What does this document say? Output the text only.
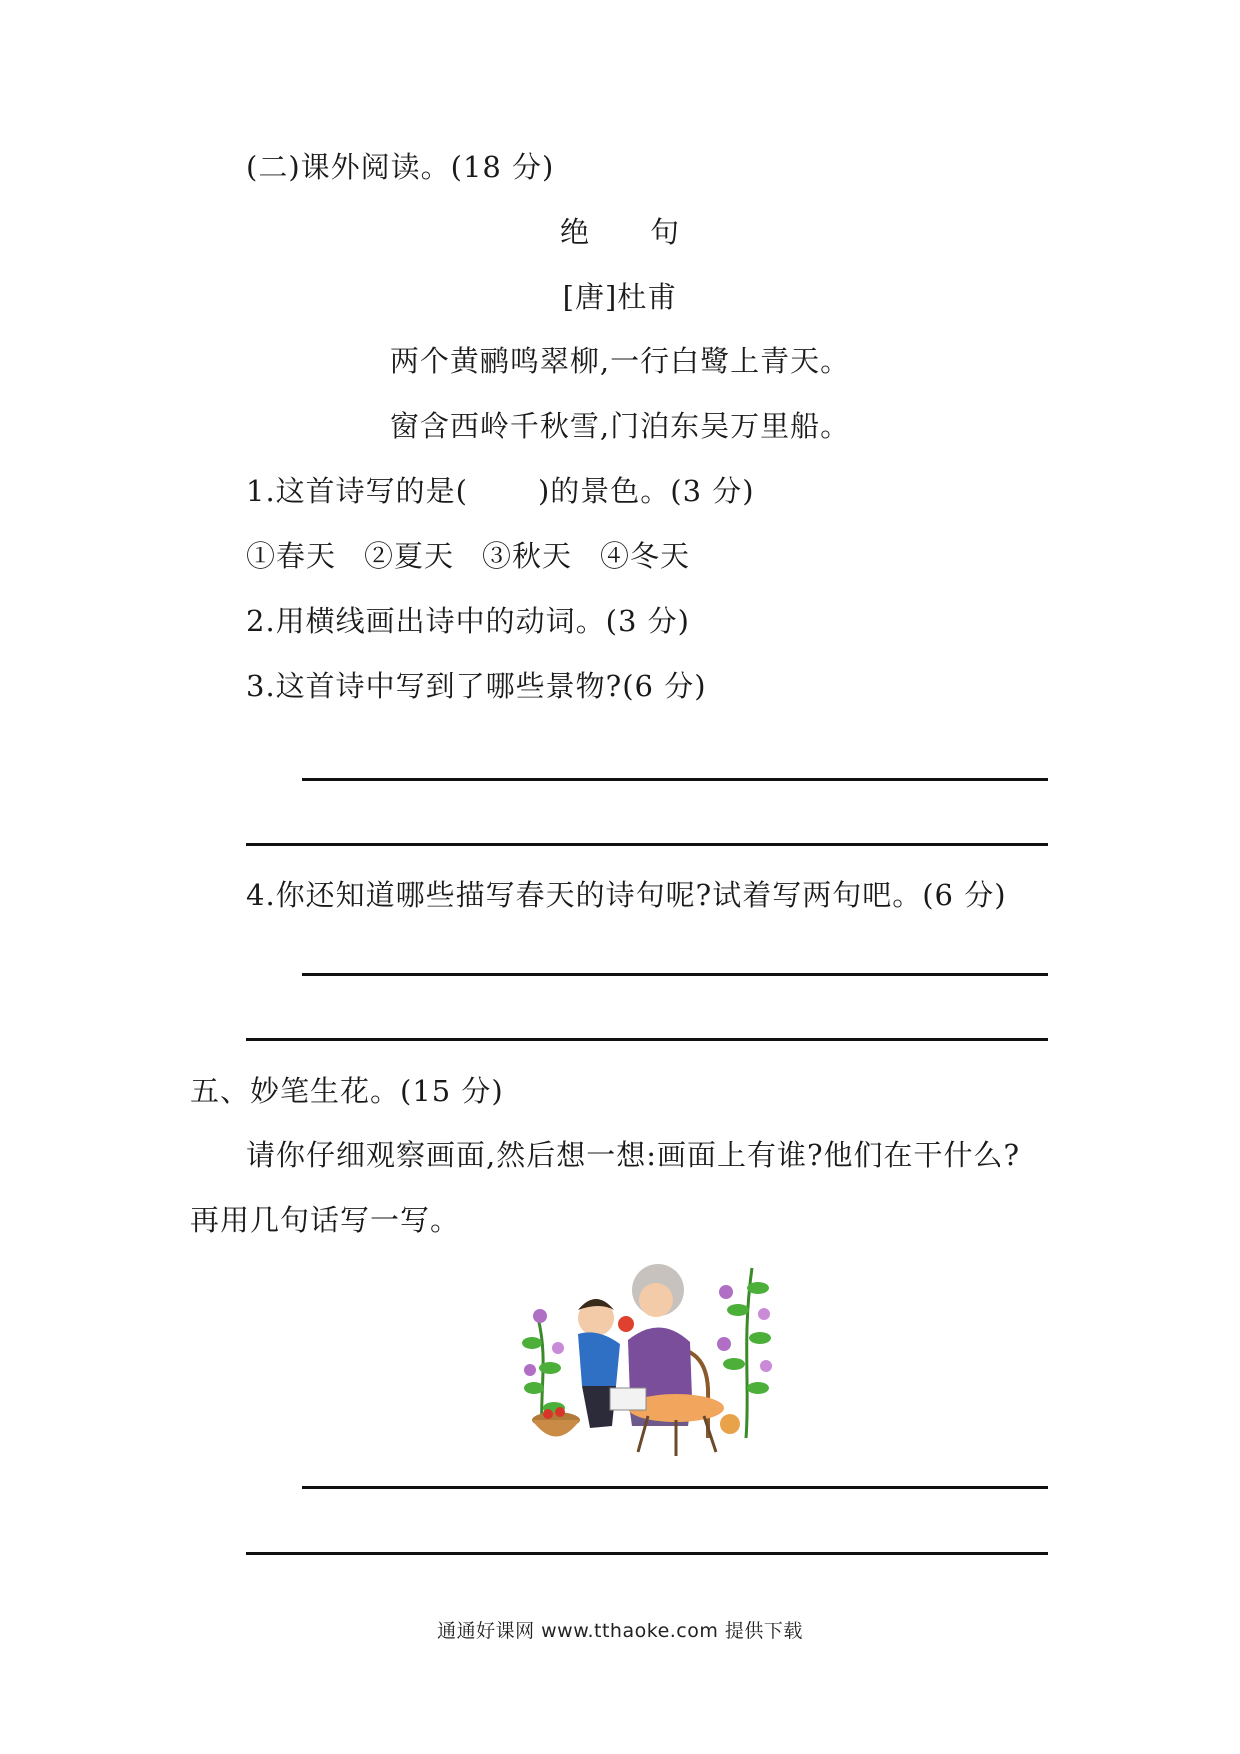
(二)课外阅读。(18 分)
绝　　句
[唐]杜甫
两个黄鹂鸣翠柳,一行白鹭上青天。
窗含西岭千秋雪,门泊东吴万里船。
1.这首诗写的是( )的景色。(3 分)
①春天 ②夏天 ③秋天 ④冬天
2.用横线画出诗中的动词。(3 分)
3.这首诗中写到了哪些景物?(6 分)
4.你还知道哪些描写春天的诗句呢?试着写两句吧。(6 分)
五、妙笔生花。(15 分)
请你仔细观察画面,然后想一想:画面上有谁?他们在干什么?
再用几句话写一写。
通通好课网 www.tthaoke.com 提供下载
